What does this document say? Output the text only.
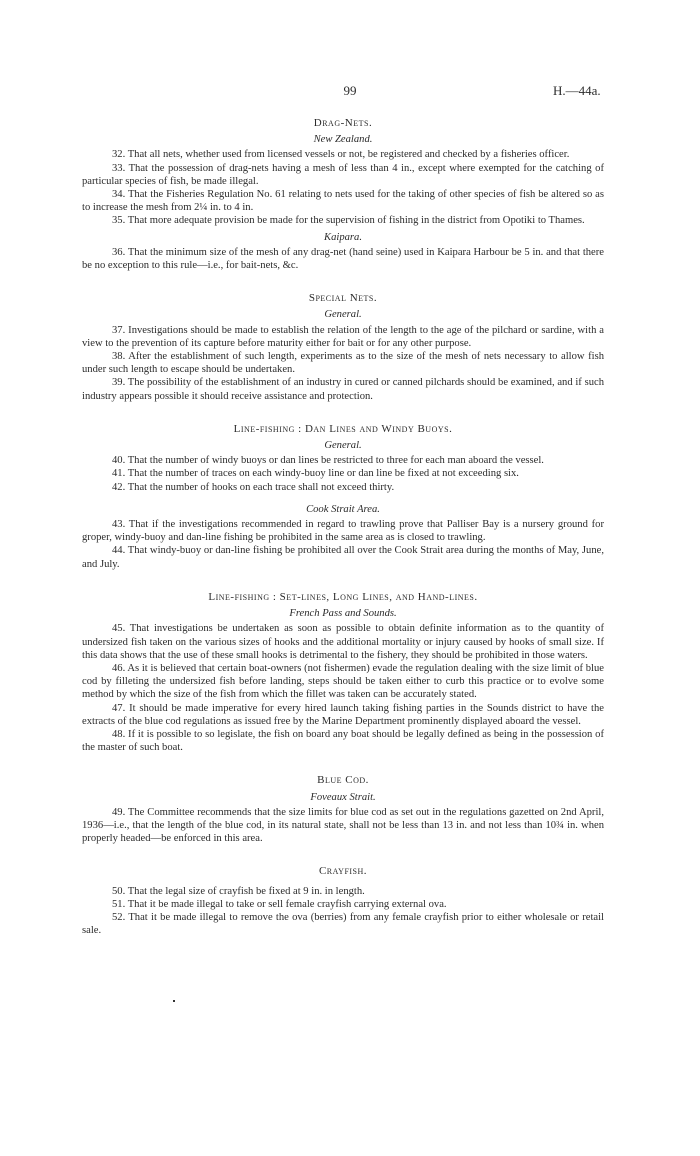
99	H.—44a.

Drag-Nets.

New Zealand.

32. That all nets, whether used from licensed vessels or not, be registered and checked by a fisheries officer.

33. That the possession of drag-nets having a mesh of less than 4 in., except where exempted for the catching of particular species of fish, be made illegal.

34. That the Fisheries Regulation No. 61 relating to nets used for the taking of other species of fish be altered so as to increase the mesh from 2¼ in. to 4 in.

35. That more adequate provision be made for the supervision of fishing in the district from Opotiki to Thames.

Kaipara.

36. That the minimum size of the mesh of any drag-net (hand seine) used in Kaipara Harbour be 5 in. and that there be no exception to this rule—i.e., for bait-nets, &c.

Special Nets.

General.

37. Investigations should be made to establish the relation of the length to the age of the pilchard or sardine, with a view to the prevention of its capture before maturity either for bait or for any other purpose.

38. After the establishment of such length, experiments as to the size of the mesh of nets necessary to allow fish under such length to escape should be undertaken.

39. The possibility of the establishment of an industry in cured or canned pilchards should be examined, and if such industry appears possible it should receive assistance and protection.

Line-fishing : Dan Lines and Windy Buoys.

General.

40. That the number of windy buoys or dan lines be restricted to three for each man aboard the vessel.

41. That the number of traces on each windy-buoy line or dan line be fixed at not exceeding six.

42. That the number of hooks on each trace shall not exceed thirty.

Cook Strait Area.

43. That if the investigations recommended in regard to trawling prove that Palliser Bay is a nursery ground for groper, windy-buoy and dan-line fishing be prohibited in the same area as is closed to trawling.

44. That windy-buoy or dan-line fishing be prohibited all over the Cook Strait area during the months of May, June, and July.

Line-fishing : Set-lines, Long Lines, and Hand-lines.

French Pass and Sounds.

45. That investigations be undertaken as soon as possible to obtain definite information as to the quantity of undersized fish taken on the various sizes of hooks and the additional mortality or injury caused by hooks of small size. If this data shows that the use of these small hooks is detrimental to the fishery, they should be prohibited in those waters.

46. As it is believed that certain boat-owners (not fishermen) evade the regulation dealing with the size limit of blue cod by filleting the undersized fish before landing, steps should be taken either to curb this practice or to evolve some method by which the size of the fish from which the fillet was taken can be accurately stated.

47. It should be made imperative for every hired launch taking fishing parties in the Sounds district to have the extracts of the blue cod regulations as issued free by the Marine Department prominently displayed aboard the vessel.

48. If it is possible to so legislate, the fish on board any boat should be legally defined as being in the possession of the master of such boat.

Blue Cod.

Foveaux Strait.

49. The Committee recommends that the size limits for blue cod as set out in the regulations gazetted on 2nd April, 1936—i.e., that the length of the blue cod, in its natural state, shall not be less than 13 in. and not less than 10¾ in. when properly headed—be enforced in this area.

Crayfish.

50. That the legal size of crayfish be fixed at 9 in. in length.

51. That it be made illegal to take or sell female crayfish carrying external ova.

52. That it be made illegal to remove the ova (berries) from any female crayfish prior to either wholesale or retail sale.
